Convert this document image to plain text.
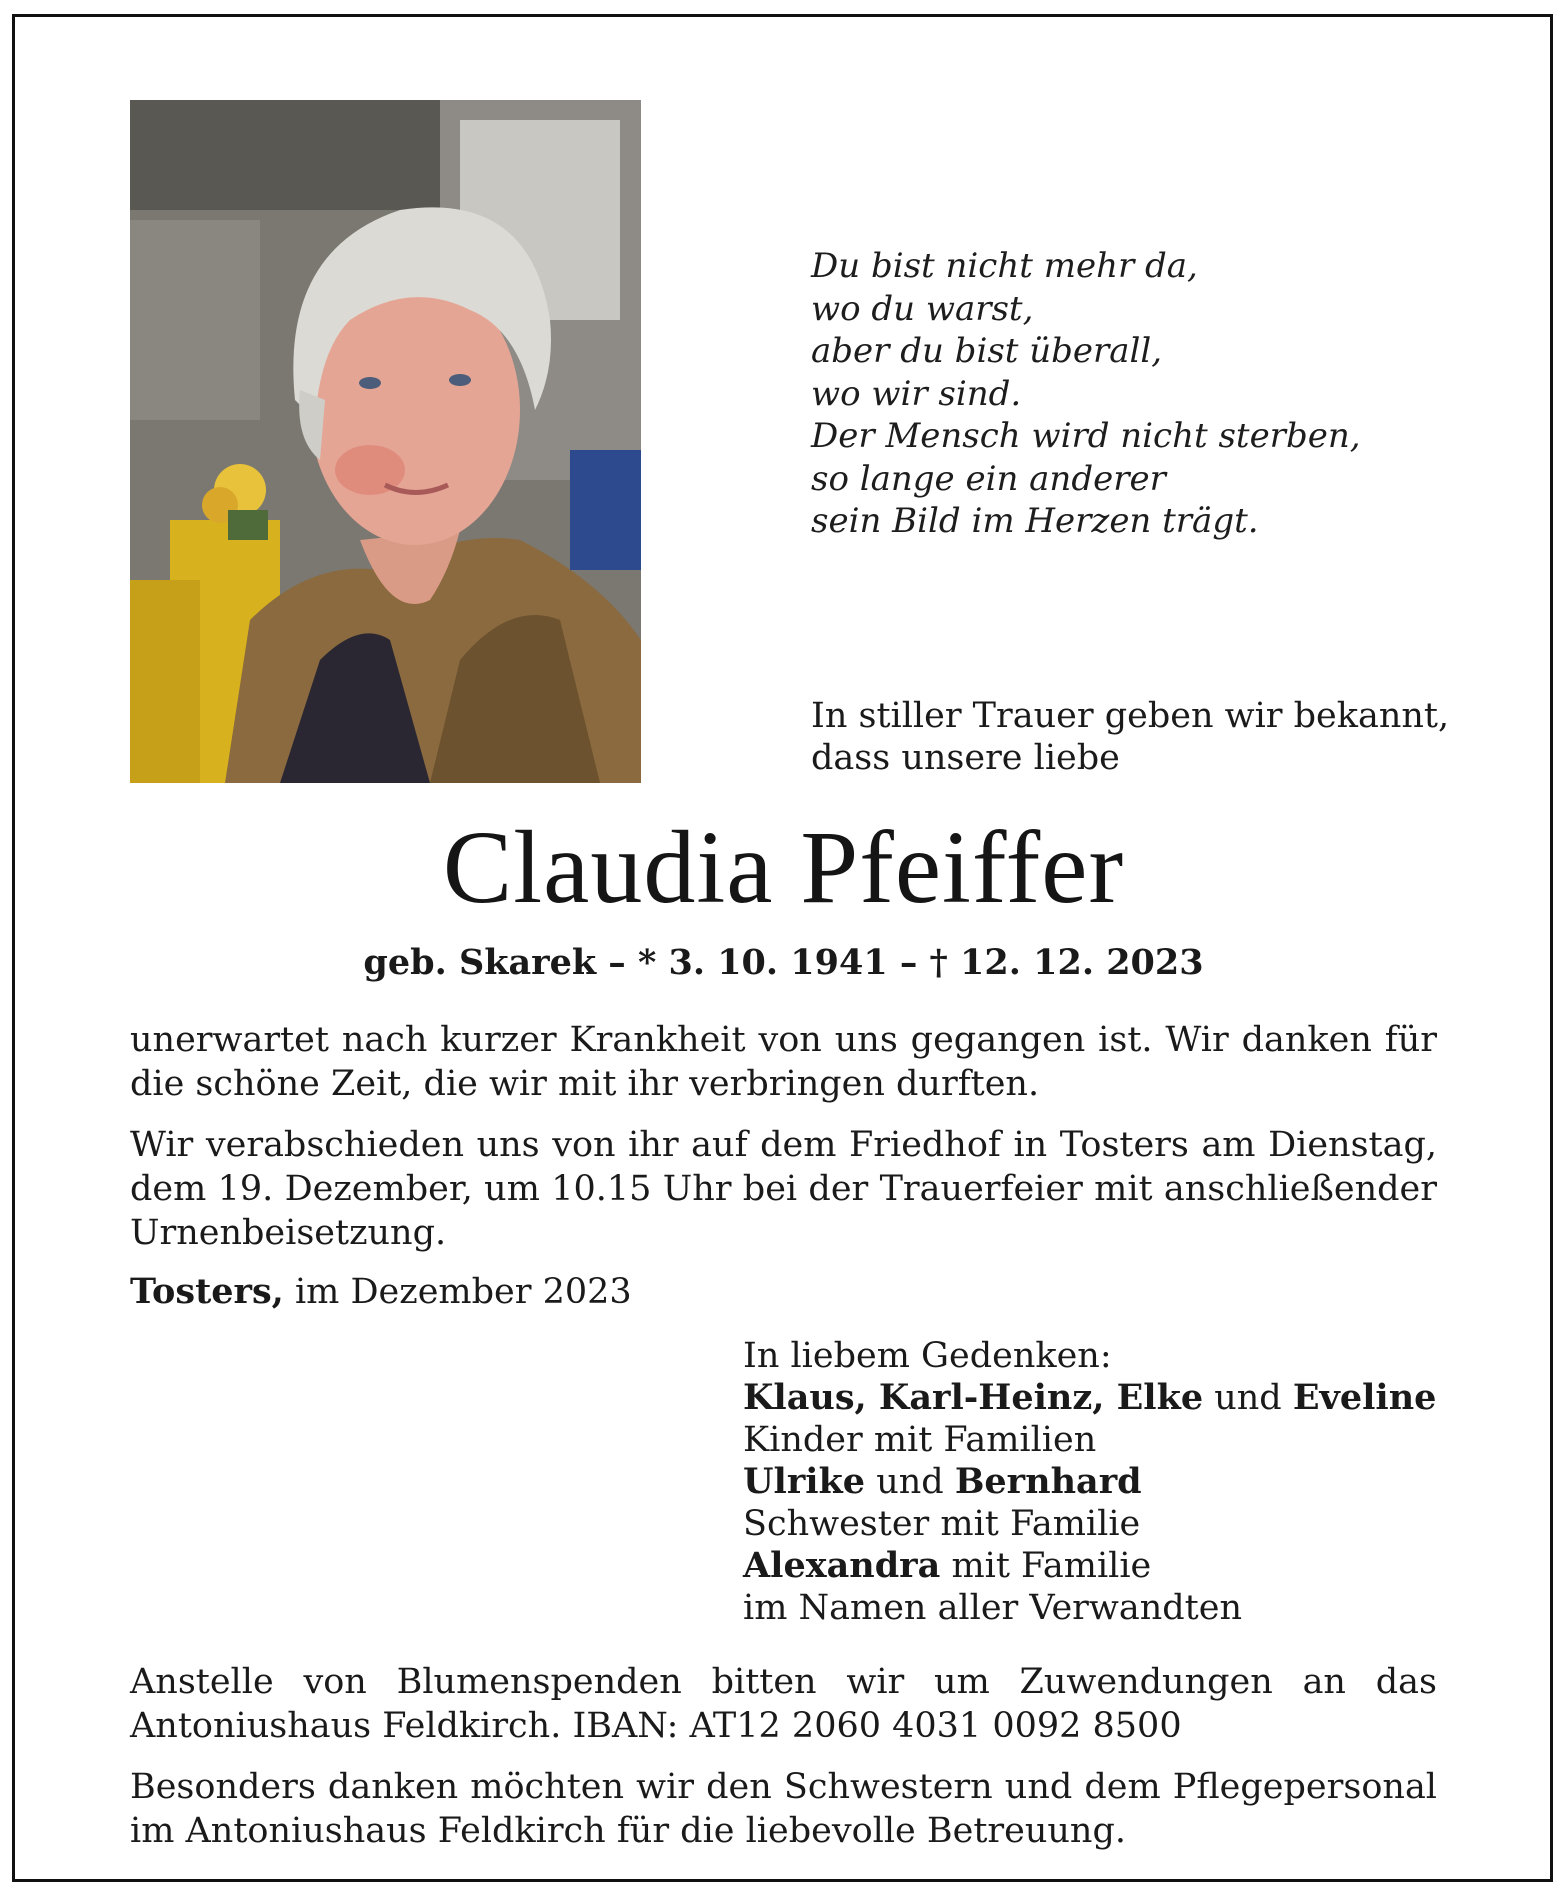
Du bist nicht mehr da,
wo du warst,
aber du bist überall,
wo wir sind.
Der Mensch wird nicht sterben,
so lange ein anderer
sein Bild im Herzen trägt.
In stiller Trauer geben wir bekannt,
dass unsere liebe
Claudia Pfeiffer
geb. Skarek – * 3. 10. 1941 – † 12. 12. 2023
unerwartet nach kurzer Krankheit von uns gegangen ist. Wir danken für die schöne Zeit, die wir mit ihr verbringen durften.
Wir verabschieden uns von ihr auf dem Friedhof in Tosters am Dienstag, dem 19. Dezember, um 10.15 Uhr bei der Trauerfeier mit anschließender Urnenbeisetzung.
Tosters, im Dezember 2023
In liebem Gedenken:
Klaus, Karl-Heinz, Elke und Eveline
Kinder mit Familien
Ulrike und Bernhard
Schwester mit Familie
Alexandra mit Familie
im Namen aller Verwandten
Anstelle von Blumenspenden bitten wir um Zuwendungen an das Antoniushaus Feldkirch. IBAN: AT12 2060 4031 0092 8500
Besonders danken möchten wir den Schwestern und dem Pflegepersonal im Antoniushaus Feldkirch für die liebevolle Betreuung.
